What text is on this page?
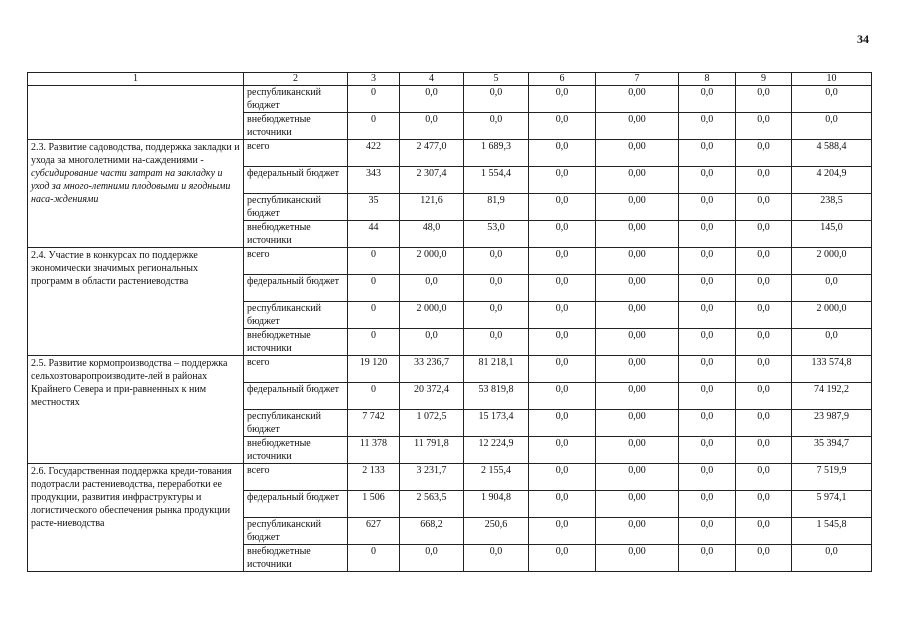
34
1	2	3	4	5	6	7	8	9	10
	республиканский бюджет	0	0,0	0,0	0,0	0,00	0,0	0,0	0,0
	внебюджетные источники	0	0,0	0,0	0,0	0,00	0,0	0,0	0,0
2.3. Развитие садоводства, поддержка закладки и ухода за многолетними на-саждениями - субсидирование части затрат на закладку и уход за много-летними плодовыми и ягодными наса-ждениями	всего	422	2 477,0	1 689,3	0,0	0,00	0,0	0,0	4 588,4
	федеральный бюджет	343	2 307,4	1 554,4	0,0	0,00	0,0	0,0	4 204,9
	республиканский бюджет	35	121,6	81,9	0,0	0,00	0,0	0,0	238,5
	внебюджетные источники	44	48,0	53,0	0,0	0,00	0,0	0,0	145,0
2.4. Участие в конкурсах по поддержке экономически значимых региональных программ в области растениеводства	всего	0	2 000,0	0,0	0,0	0,00	0,0	0,0	2 000,0
	федеральный бюджет	0	0,0	0,0	0,0	0,00	0,0	0,0	0,0
	республиканский бюджет	0	2 000,0	0,0	0,0	0,00	0,0	0,0	2 000,0
	внебюджетные источники	0	0,0	0,0	0,0	0,00	0,0	0,0	0,0
2.5. Развитие кормопроизводства – поддержка сельхозтоваропроизводите-лей в районах Крайнего Севера и при-равненных к ним местностях	всего	19 120	33 236,7	81 218,1	0,0	0,00	0,0	0,0	133 574,8
	федеральный бюджет	0	20 372,4	53 819,8	0,0	0,00	0,0	0,0	74 192,2
	республиканский бюджет	7 742	1 072,5	15 173,4	0,0	0,00	0,0	0,0	23 987,9
	внебюджетные источники	11 378	11 791,8	12 224,9	0,0	0,00	0,0	0,0	35 394,7
2.6. Государственная поддержка креди-тования подотрасли растениеводства, переработки ее продукции, развития инфраструктуры и логистического обеспечения рынка продукции расте-ниеводства	всего	2 133	3 231,7	2 155,4	0,0	0,00	0,0	0,0	7 519,9
	федеральный бюджет	1 506	2 563,5	1 904,8	0,0	0,00	0,0	0,0	5 974,1
	республиканский бюджет	627	668,2	250,6	0,0	0,00	0,0	0,0	1 545,8
	внебюджетные источники	0	0,0	0,0	0,0	0,00	0,0	0,0	0,0
